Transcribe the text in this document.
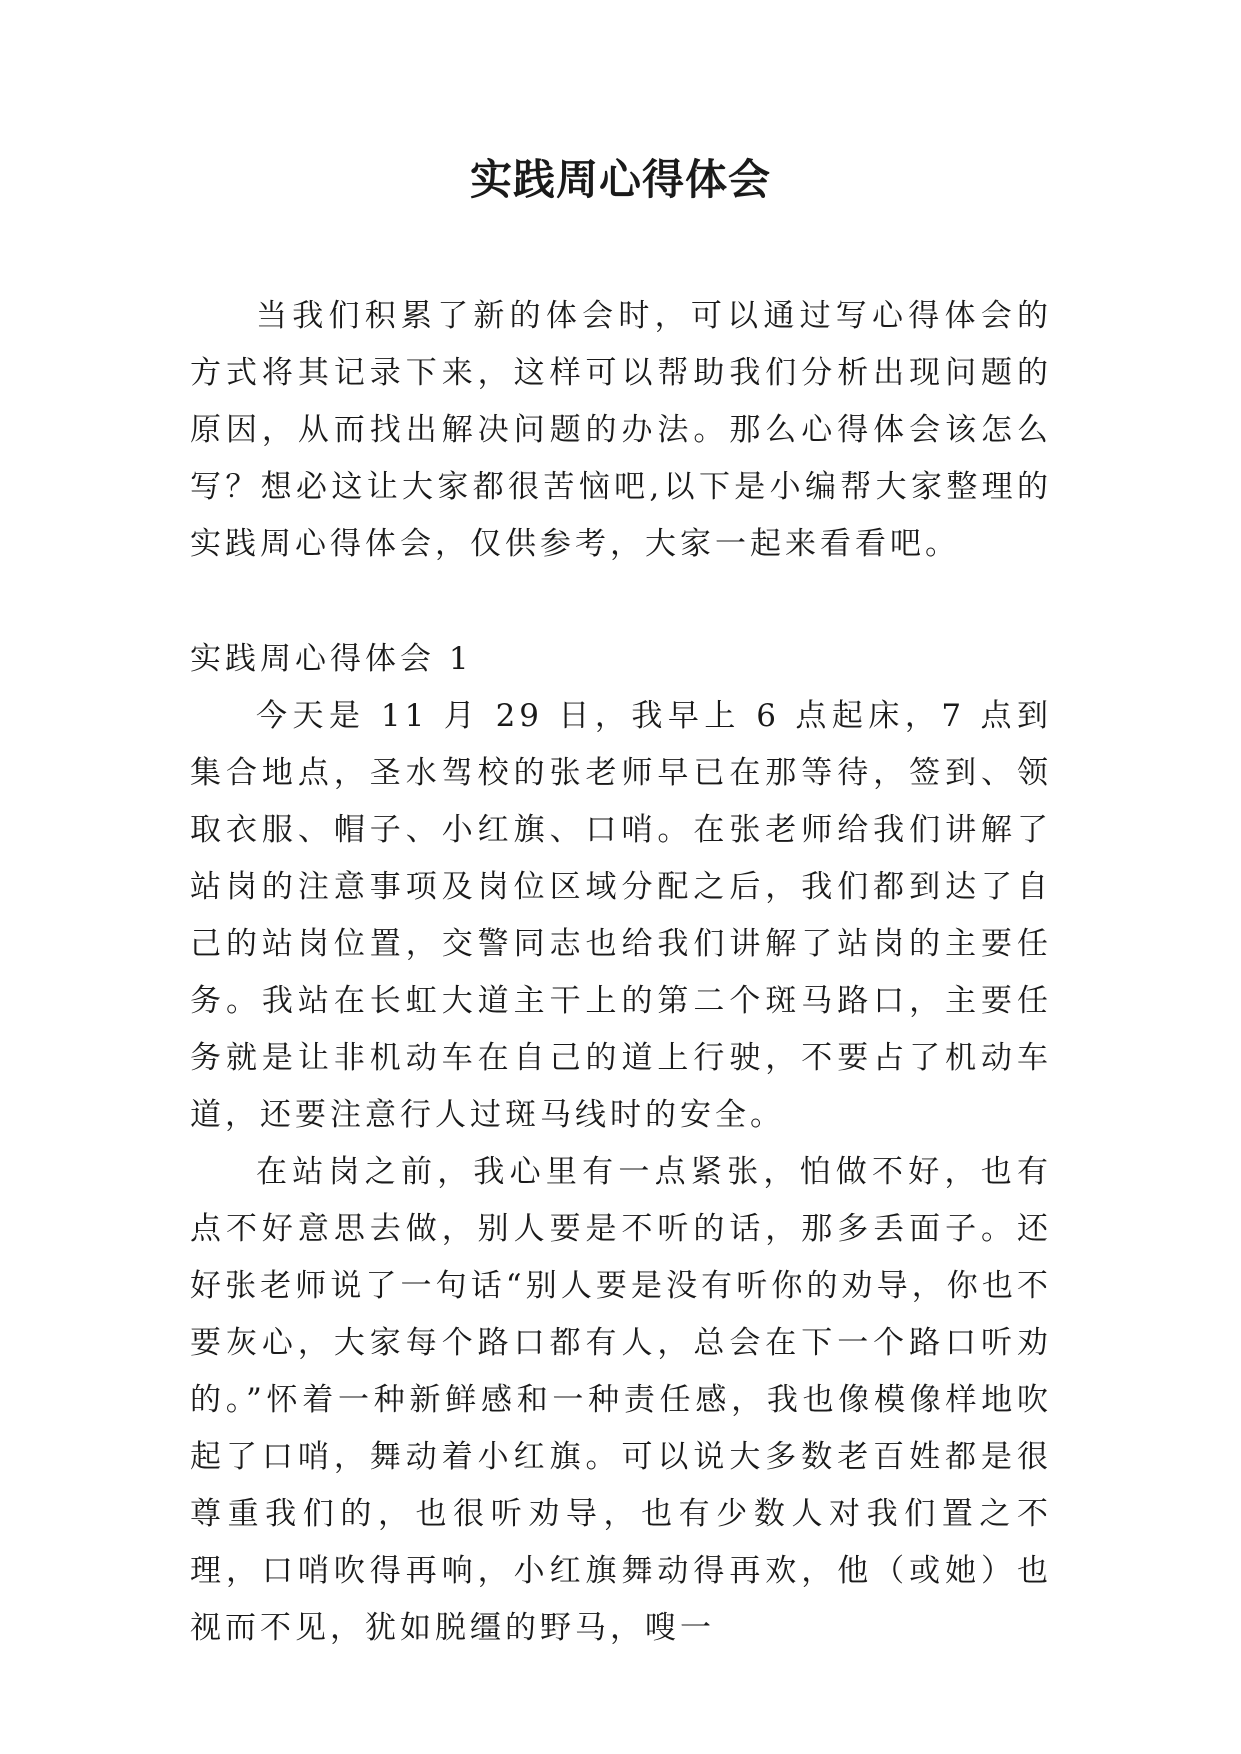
实践周心得体会

当我们积累了新的体会时，可以通过写心得体会的方式将其记录下来，这样可以帮助我们分析出现问题的原因，从而找出解决问题的办法。那么心得体会该怎么写？想必这让大家都很苦恼吧,以下是小编帮大家整理的实践周心得体会，仅供参考，大家一起来看看吧。

实践周心得体会 1

今天是 11 月 29 日，我早上 6 点起床，7 点到集合地点，圣水驾校的张老师早已在那等待，签到、领取衣服、帽子、小红旗、口哨。在张老师给我们讲解了站岗的注意事项及岗位区域分配之后，我们都到达了自己的站岗位置，交警同志也给我们讲解了站岗的主要任务。我站在长虹大道主干上的第二个斑马路口，主要任务就是让非机动车在自己的道上行驶，不要占了机动车道，还要注意行人过斑马线时的安全。

在站岗之前，我心里有一点紧张，怕做不好，也有点不好意思去做，别人要是不听的话，那多丢面子。还好张老师说了一句话“别人要是没有听你的劝导，你也不要灰心，大家每个路口都有人，总会在下一个路口听劝的。”怀着一种新鲜感和一种责任感，我也像模像样地吹起了口哨，舞动着小红旗。可以说大多数老百姓都是很尊重我们的，也很听劝导，也有少数人对我们置之不理，口哨吹得再响，小红旗舞动得再欢，他（或她）也视而不见，犹如脱缰的野马，嗖一
